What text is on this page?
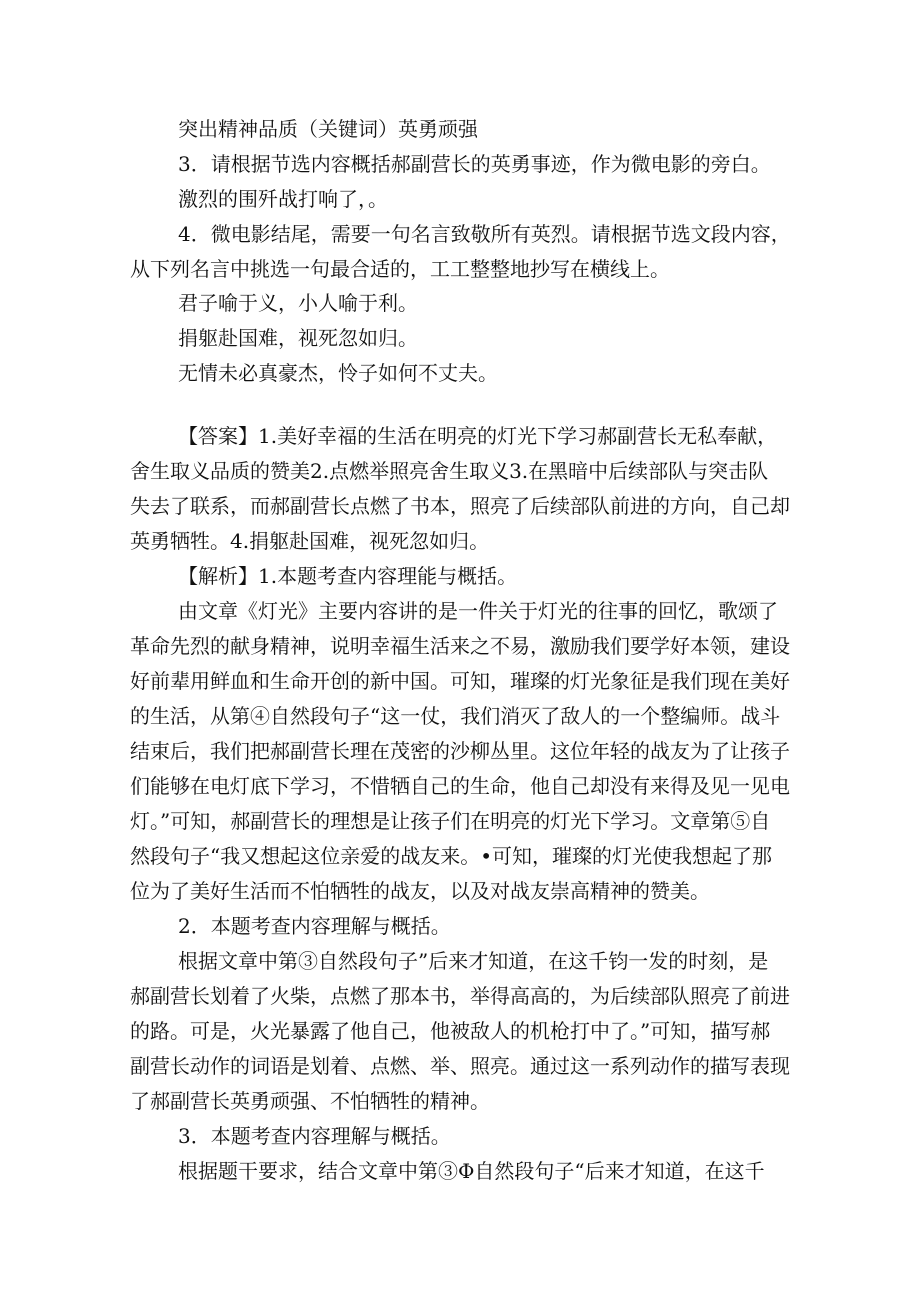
突出精神品质（关键词）英勇顽强
3．请根据节选内容概括郝副营长的英勇事迹，作为微电影的旁白。
激烈的围歼战打响了，。
4．微电影结尾，需要一句名言致敬所有英烈。请根据节选文段内容，
从下列名言中挑选一句最合适的，工工整整地抄写在横线上。
君子喻于义，小人喻于利。
捐躯赴国难，视死忽如归。
无情未必真豪杰，怜子如何不丈夫。
【答案】1.美好幸福的生活在明亮的灯光下学习郝副营长无私奉献，
舍生取义品质的赞美2.点燃举照亮舍生取义3.在黑暗中后续部队与突击队
失去了联系，而郝副营长点燃了书本，照亮了后续部队前进的方向，自己却
英勇牺牲。4.捐躯赴国难，视死忽如归。
【解析】1.本题考查内容理能与概括。
由文章《灯光》主要内容讲的是一件关于灯光的往事的回忆，歌颂了
革命先烈的献身精神，说明幸福生活来之不易，激励我们要学好本领，建设
好前辈用鲜血和生命开创的新中国。可知，璀璨的灯光象征是我们现在美好
的生活，从第④自然段句子“这一仗，我们消灭了敌人的一个整编师。战斗
结束后，我们把郝副营长理在茂密的沙柳丛里。这位年轻的战友为了让孩子
们能够在电灯底下学习，不惜牺自己的生命，他自己却没有来得及见一见电
灯。”可知，郝副营长的理想是让孩子们在明亮的灯光下学习。文章第⑤自
然段句子“我又想起这位亲爱的战友来。•可知，璀璨的灯光使我想起了那
位为了美好生活而不怕牺牲的战友，以及对战友崇高精神的赞美。
2．本题考查内容理解与概括。
根据文章中第③自然段句子”后来才知道，在这千钧一发的时刻，是
郝副营长划着了火柴，点燃了那本书，举得高高的，为后续部队照亮了前进
的路。可是，火光暴露了他自己，他被敌人的机枪打中了。”可知，描写郝
副营长动作的词语是划着、点燃、举、照亮。通过这一系列动作的描写表现
了郝副营长英勇顽强、不怕牺牲的精神。
3．本题考查内容理解与概括。
根据题干要求，结合文章中第③Φ自然段句子“后来才知道，在这千
